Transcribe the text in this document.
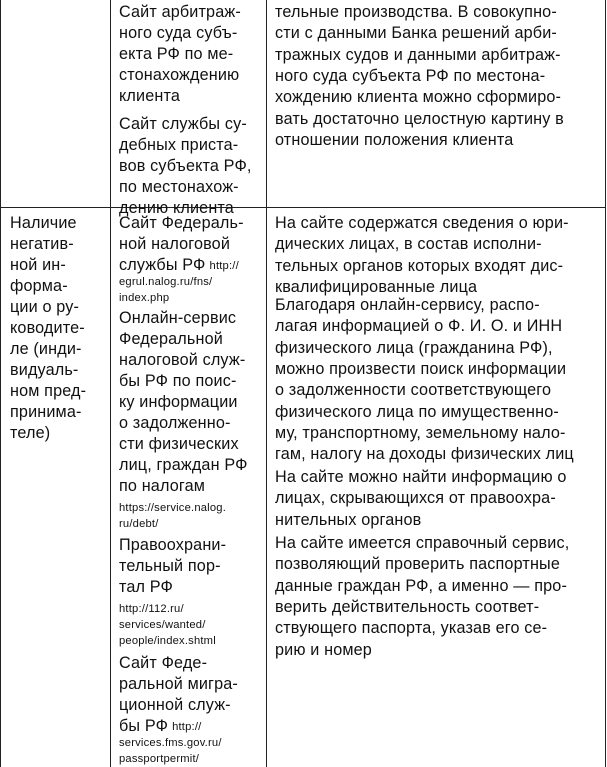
Сайт арбитраж-
ного суда субъ-
екта РФ по ме-
стонахождению
клиента
Сайт службы су-
дебных приста-
вов субъекта РФ,
по местонахож-
дению клиента
тельные производства. В совокупно-
сти с данными Банка решений арби-
тражных судов и данными арбитраж-
ного суда субъекта РФ по местона-
хождению клиента можно сформиро-
вать достаточно целостную картину в
отношении положения клиента
Наличие
негатив-
ной ин-
форма-
ции о ру-
ководите-
ле (инди-
видуаль-
ном пред-
принима-
теле)
Сайт Федераль-
ной налоговой
службы РФ http://
egrul.nalog.ru/fns/
index.php
Онлайн-сервис
Федеральной
налоговой служ-
бы РФ по поис-
ку информации
о задолженно-
сти физических
лиц, граждан РФ
по налогам
https://service.nalog.
ru/debt/
Правоохрани-
тельный пор-
тал РФ
http://112.ru/
services/wanted/
people/index.shtml
Сайт Феде-
ральной мигра-
ционной служ-
бы РФ http://
services.fms.gov.ru/
passportpermit/
На сайте содержатся сведения о юри-
дических лицах, в состав исполни-
тельных органов которых входят дис-
квалифицированные лица
Благодаря онлайн-сервису, распо-
лагая информацией о Ф. И. О. и ИНН
физического лица (гражданина РФ),
можно произвести поиск информации
о задолженности соответствующего
физического лица по имущественно-
му, транспортному, земельному нало-
гам, налогу на доходы физических лиц
На сайте можно найти информацию о
лицах, скрывающихся от правоохра-
нительных органов
На сайте имеется справочный сервис,
позволяющий проверить паспортные
данные граждан РФ, а именно — про-
верить действительность соответ-
ствующего паспорта, указав его се-
рию и номер
